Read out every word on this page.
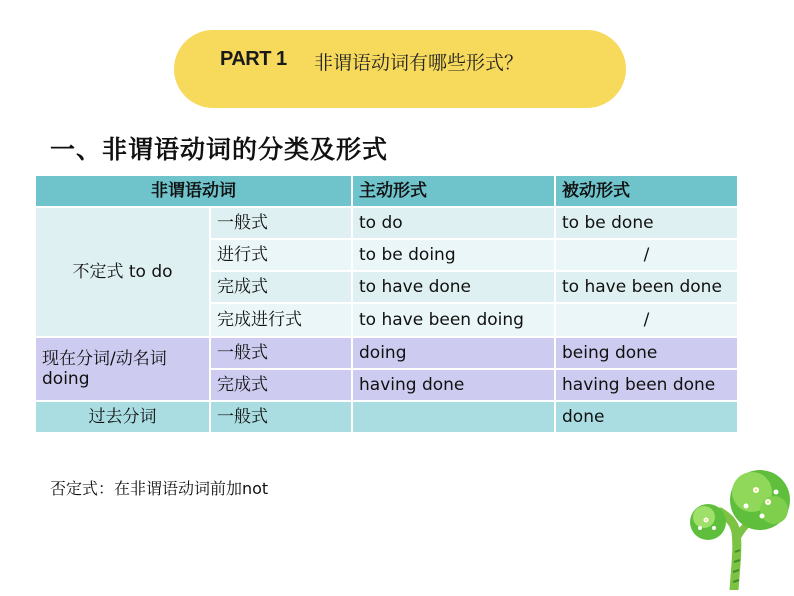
PART 1 非谓语动词有哪些形式？
一、非谓语动词的分类及形式
非谓语动词		主动形式	被动形式
不定式 to do	一般式	to do	to be done
	进行式	to be doing	/
	完成式	to have done	to have been done
	完成进行式	to have been doing	/
现在分词/动名词 doing	一般式	doing	being done
	完成式	having done	having been done
过去分词	一般式		done
否定式：在非谓语动词前加not
